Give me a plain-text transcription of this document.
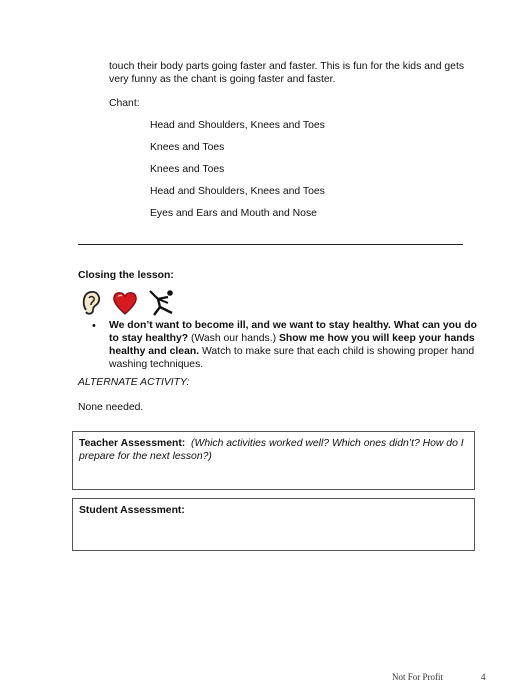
touch their body parts going faster and faster. This is fun for the kids and gets very funny as the chant is going faster and faster.
Chant:
Head and Shoulders, Knees and Toes
Knees and Toes
Knees and Toes
Head and Shoulders, Knees and Toes
Eyes and Ears and Mouth and Nose
Closing the lesson:
• We don’t want to become ill, and we want to stay healthy. What can you do to stay healthy? (Wash our hands.) Show me how you will keep your hands healthy and clean. Watch to make sure that each child is showing proper hand washing techniques.
ALTERNATE ACTIVITY:
None needed.
Teacher Assessment: (Which activities worked well? Which ones didn’t? How do I prepare for the next lesson?)
Student Assessment:
Not For Profit	4
